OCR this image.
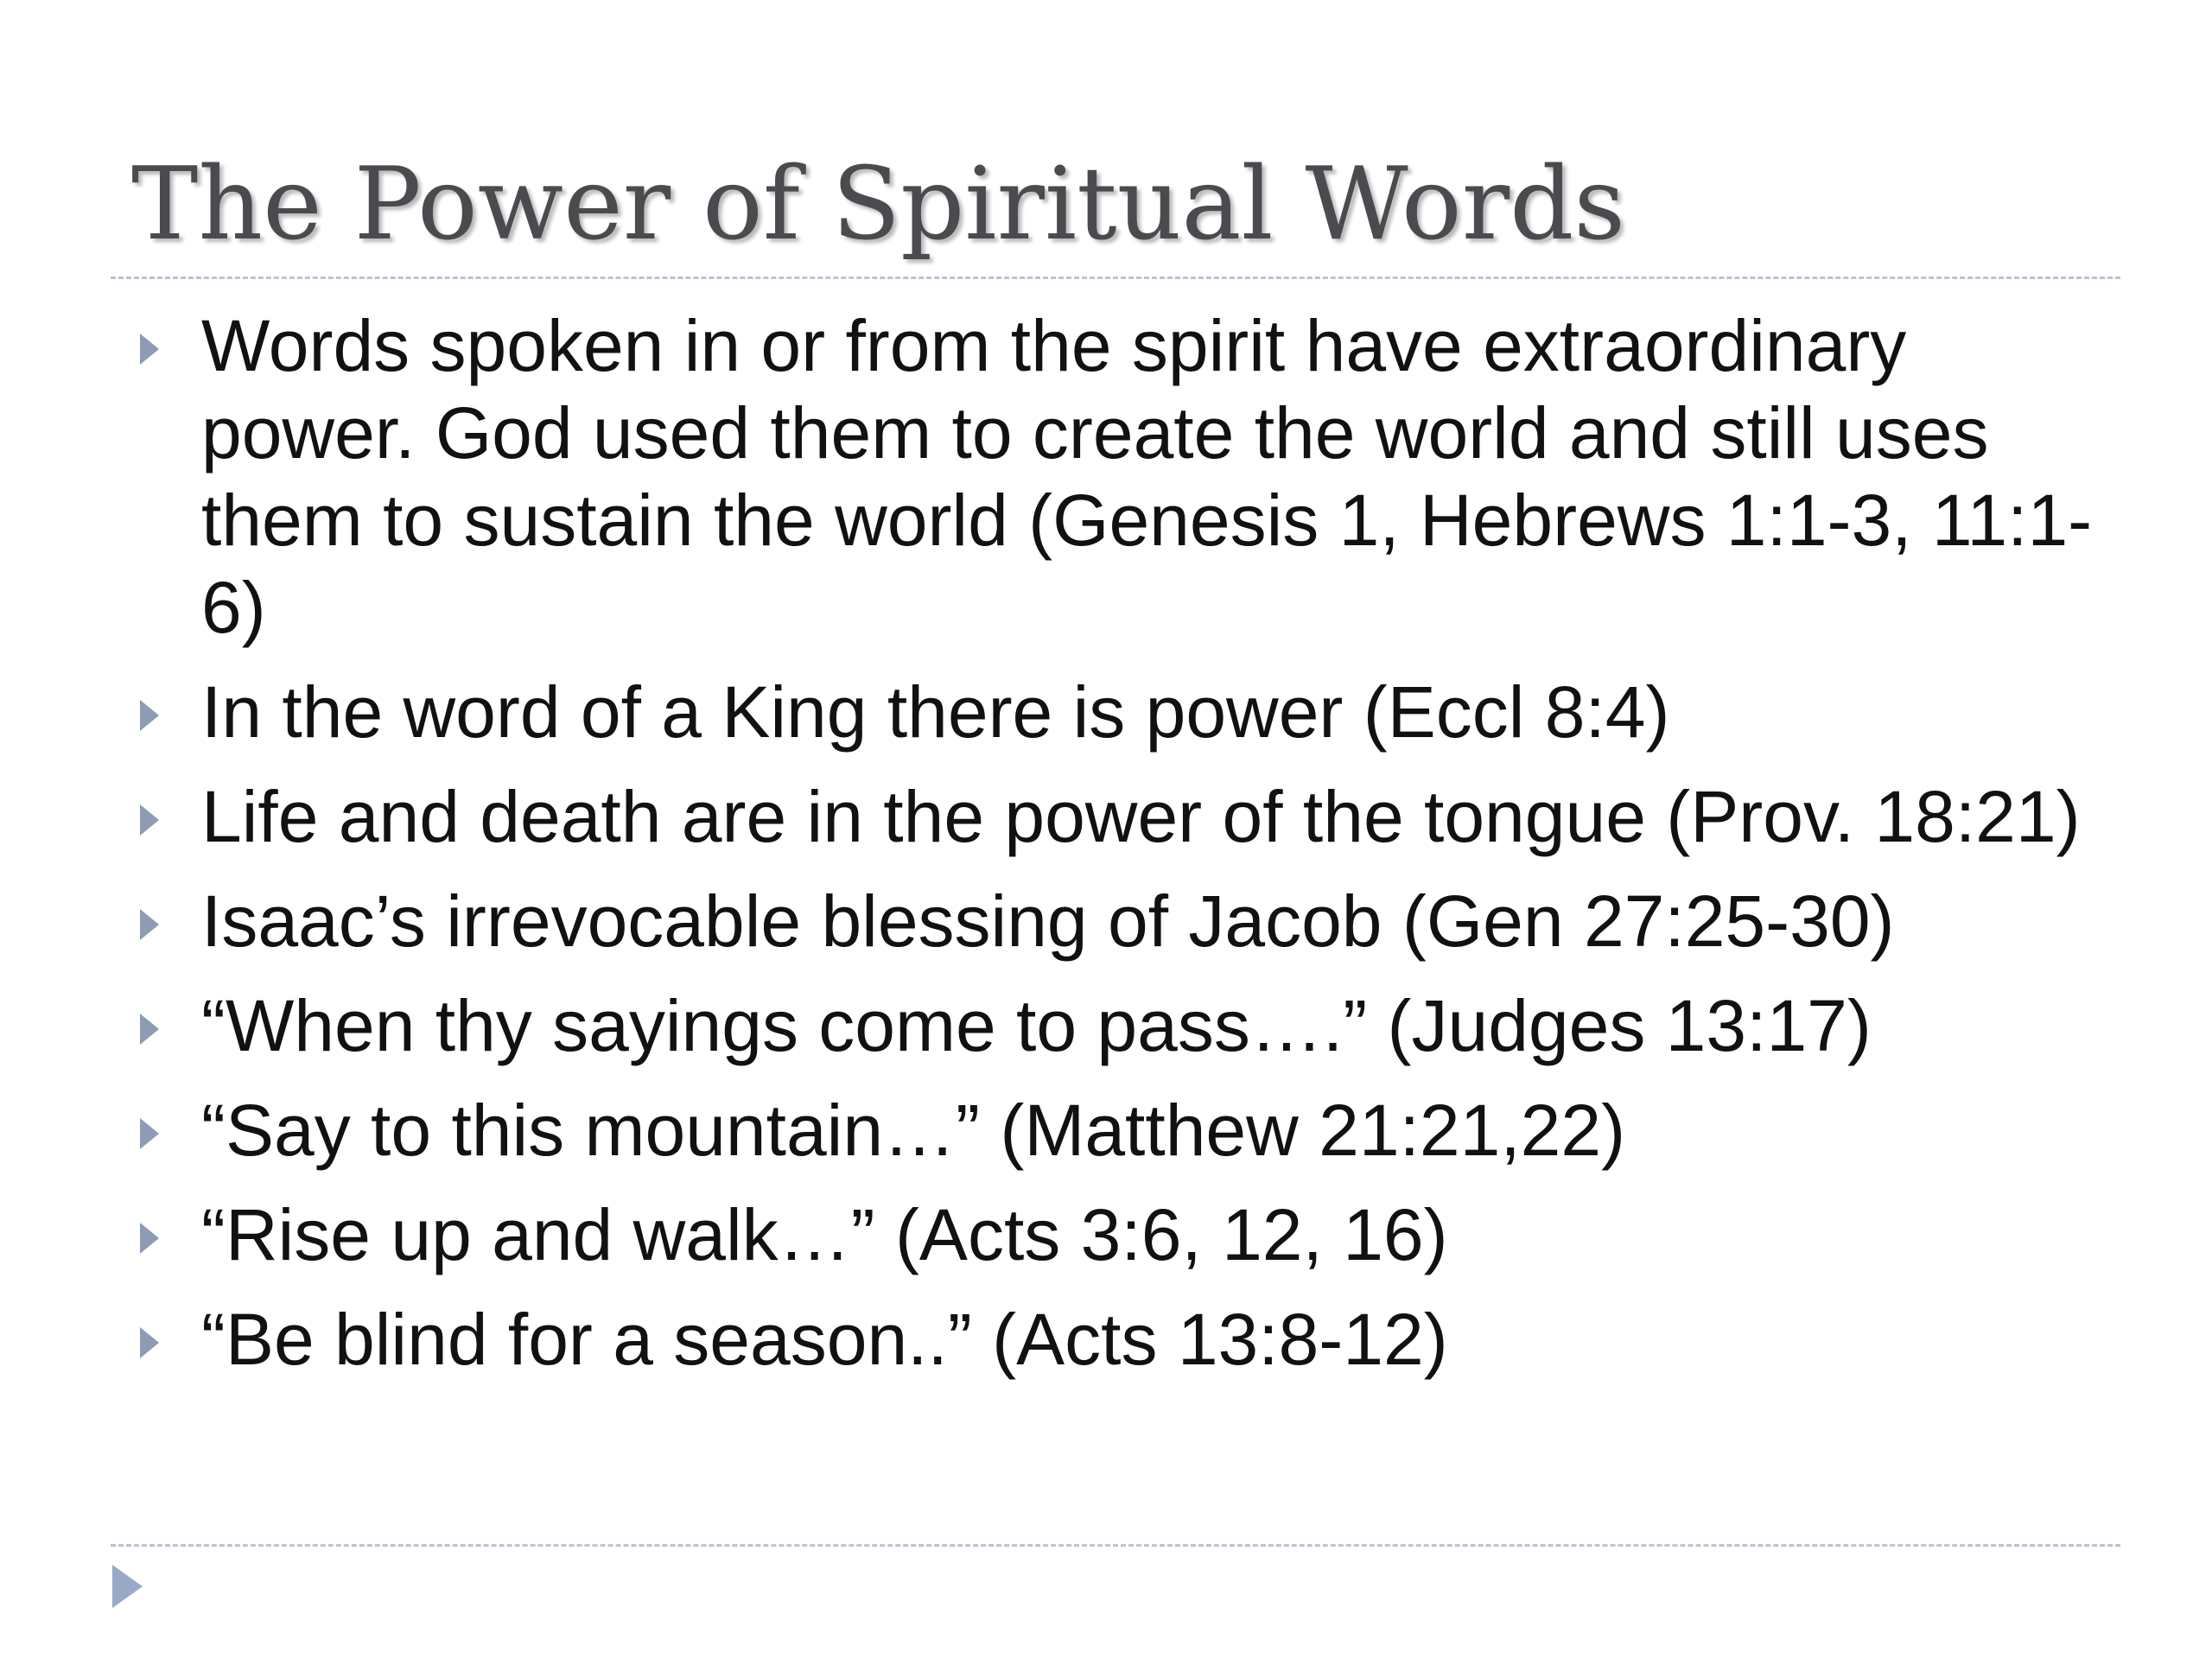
The Power of Spiritual Words
Words spoken in or from the spirit have extraordinary power. God used them to create the world and still uses them to sustain the world (Genesis 1, Hebrews 1:1-3, 11:1-6)
In the word of a King there is power (Eccl 8:4)
Life and death are in the power of the tongue (Prov. 18:21)
Isaac’s irrevocable blessing of Jacob (Gen 27:25-30)
“When thy sayings come to pass….” (Judges 13:17)
“Say to this mountain…” (Matthew 21:21,22)
“Rise up and walk…” (Acts 3:6, 12, 16)
“Be blind for a season..” (Acts 13:8-12)
